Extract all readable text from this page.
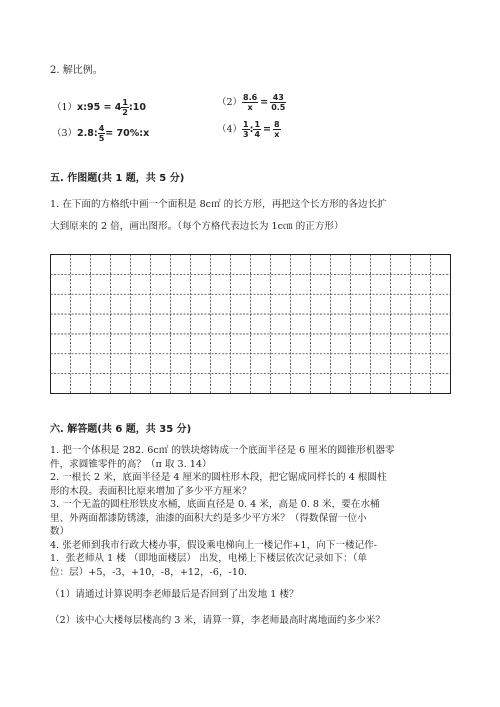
2. 解比例。
（1）x:95 = $4 \frac{1}{2}$ :10	$(2) \frac{8.6}{x} = \frac{43}{0.5}$
（3）2.8: $\frac{4}{5}$ = 70%:x	$(4) \frac{1}{3}$ : $\frac{1}{4} = \frac{8}{x}$
五. 作图题(共 1 题，共 5 分)
1. 在下面的方格纸中画一个面积是 8c㎡ 的长方形，再把这个长方形的各边长扩
大到原来的 2 倍，画出图形。（每个方格代表边长为 1c㎝ 的正方形）
六. 解答题(共 6 题，共 35 分)
1. 把一个体积是 282. 6c㎡ 的铁块熔铸成一个底面半径是 6 厘米的圆锥形机器零
件，求圆锥零件的高？（π 取 3. 14）
2. 一根长 2 米，底面半径是 4 厘米的圆柱形木段，把它锯成同样长的 4 根圆柱
形的木段。表面积比原来增加了多少平方厘米？
3. 一个无盖的圆柱形铁皮水桶，底面直径是 0. 4 米，高是 0. 8 米，要在水桶
里、外两面都漆防锈漆，油漆的面积大约是多少平方米？（得数保留一位小
数）
4. 张老师到我市行政大楼办事，假设乘电梯向上一楼记作+1，向下一楼记作-
1．张老师从 1 楼 （即地面楼层） 出发，电梯上下楼层依次记录如下：（单
位：层）+5，-3，+10，-8，+12，-6，-10.
（1）请通过计算说明李老师最后是否回到了出发地 1 楼？
（2）该中心大楼每层楼高约 3 米，请算一算，李老师最高时离地面约多少米？
